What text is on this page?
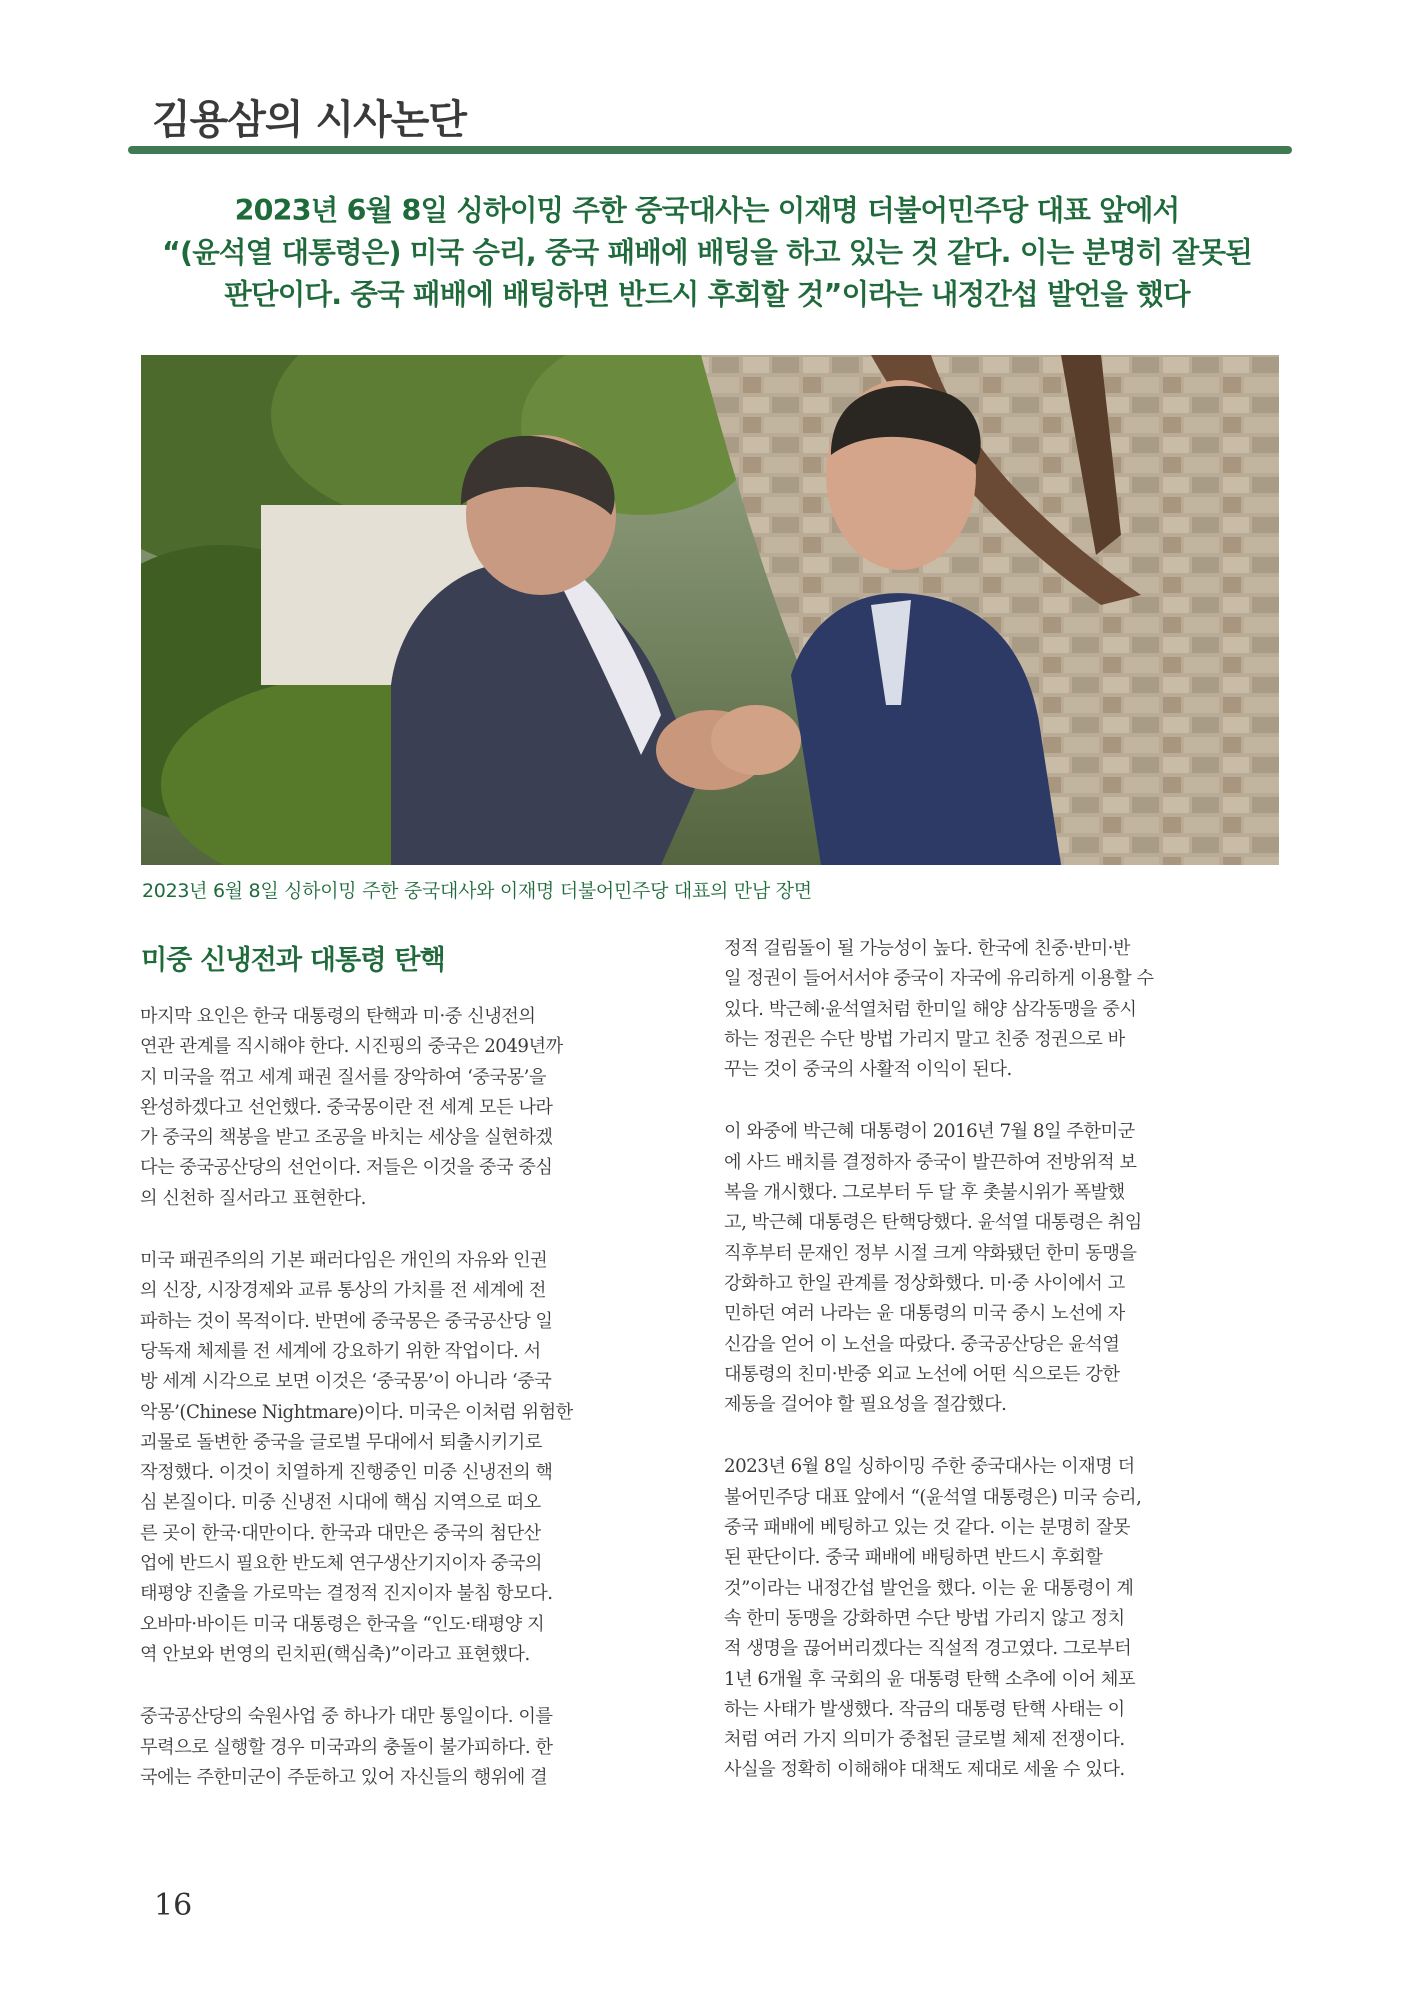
김용삼의 시사논단
2023년 6월 8일 싱하이밍 주한 중국대사는 이재명 더불어민주당 대표 앞에서
“(윤석열 대통령은) 미국 승리, 중국 패배에 배팅을 하고 있는 것 같다. 이는 분명히 잘못된
판단이다. 중국 패배에 배팅하면 반드시 후회할 것”이라는 내정간섭 발언을 했다
2023년 6월 8일 싱하이밍 주한 중국대사와 이재명 더불어민주당 대표의 만남 장면
미중 신냉전과 대통령 탄핵
마지막 요인은 한국 대통령의 탄핵과 미·중 신냉전의
연관 관계를 직시해야 한다. 시진핑의 중국은 2049년까
지 미국을 꺾고 세계 패권 질서를 장악하여 ‘중국몽’을
완성하겠다고 선언했다. 중국몽이란 전 세계 모든 나라
가 중국의 책봉을 받고 조공을 바치는 세상을 실현하겠
다는 중국공산당의 선언이다. 저들은 이것을 중국 중심
의 신천하 질서라고 표현한다.
미국 패권주의의 기본 패러다임은 개인의 자유와 인권
의 신장, 시장경제와 교류 통상의 가치를 전 세계에 전
파하는 것이 목적이다. 반면에 중국몽은 중국공산당 일
당독재 체제를 전 세계에 강요하기 위한 작업이다. 서
방 세계 시각으로 보면 이것은 ‘중국몽’이 아니라 ‘중국
악몽’(Chinese Nightmare)이다. 미국은 이처럼 위험한
괴물로 돌변한 중국을 글로벌 무대에서 퇴출시키기로
작정했다. 이것이 치열하게 진행중인 미중 신냉전의 핵
심 본질이다. 미중 신냉전 시대에 핵심 지역으로 떠오
른 곳이 한국·대만이다. 한국과 대만은 중국의 첨단산
업에 반드시 필요한 반도체 연구생산기지이자 중국의
태평양 진출을 가로막는 결정적 진지이자 불침 항모다.
오바마·바이든 미국 대통령은 한국을 “인도·태평양 지
역 안보와 번영의 린치핀(핵심축)”이라고 표현했다.
중국공산당의 숙원사업 중 하나가 대만 통일이다. 이를
무력으로 실행할 경우 미국과의 충돌이 불가피하다. 한
국에는 주한미군이 주둔하고 있어 자신들의 행위에 결
정적 걸림돌이 될 가능성이 높다. 한국에 친중·반미·반
일 정권이 들어서서야 중국이 자국에 유리하게 이용할 수
있다. 박근혜·윤석열처럼 한미일 해양 삼각동맹을 중시
하는 정권은 수단 방법 가리지 말고 친중 정권으로 바
꾸는 것이 중국의 사활적 이익이 된다.
이 와중에 박근혜 대통령이 2016년 7월 8일 주한미군
에 사드 배치를 결정하자 중국이 발끈하여 전방위적 보
복을 개시했다. 그로부터 두 달 후 촛불시위가 폭발했
고, 박근혜 대통령은 탄핵당했다. 윤석열 대통령은 취임
직후부터 문재인 정부 시절 크게 약화됐던 한미 동맹을
강화하고 한일 관계를 정상화했다. 미·중 사이에서 고
민하던 여러 나라는 윤 대통령의 미국 중시 노선에 자
신감을 얻어 이 노선을 따랐다. 중국공산당은 윤석열
대통령의 친미·반중 외교 노선에 어떤 식으로든 강한
제동을 걸어야 할 필요성을 절감했다.
2023년 6월 8일 싱하이밍 주한 중국대사는 이재명 더
불어민주당 대표 앞에서 “(윤석열 대통령은) 미국 승리,
중국 패배에 베팅하고 있는 것 같다. 이는 분명히 잘못
된 판단이다. 중국 패배에 배팅하면 반드시 후회할
것”이라는 내정간섭 발언을 했다. 이는 윤 대통령이 계
속 한미 동맹을 강화하면 수단 방법 가리지 않고 정치
적 생명을 끊어버리겠다는 직설적 경고였다. 그로부터
1년 6개월 후 국회의 윤 대통령 탄핵 소추에 이어 체포
하는 사태가 발생했다. 작금의 대통령 탄핵 사태는 이
처럼 여러 가지 의미가 중첩된 글로벌 체제 전쟁이다.
사실을 정확히 이해해야 대책도 제대로 세울 수 있다.
16
